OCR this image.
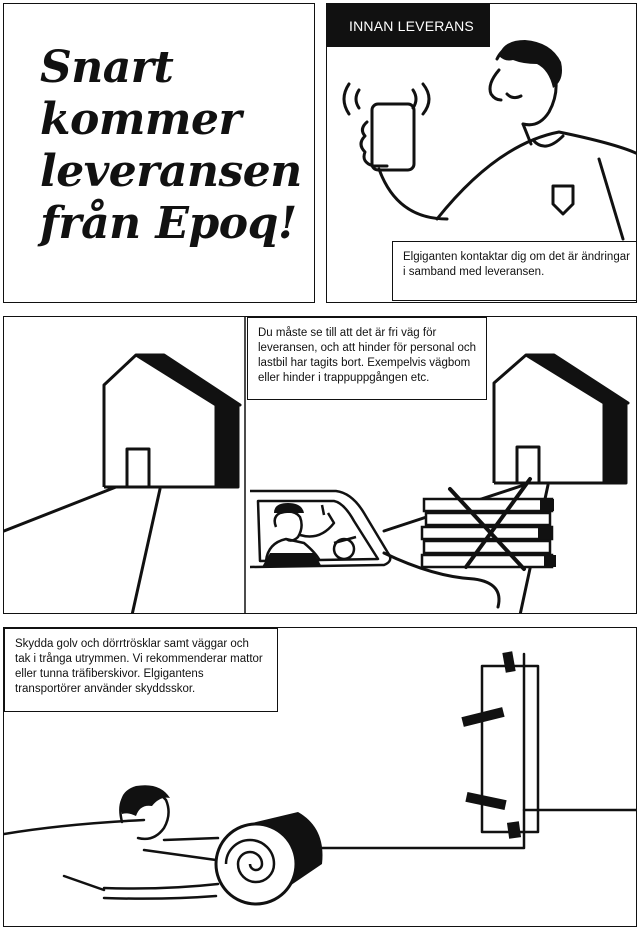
Snart
kommer
leveransen
från Epoq!
INNAN LEVERANS
Elgiganten kontaktar dig om det är ändringar i samband med leveransen.
Du måste se till att det är fri väg för leveransen, och att hinder för personal och lastbil har tagits bort. Exempelvis vägbom eller hinder i trappuppgången etc.
Skydda golv och dörrtrösklar samt väggar och tak i trånga utrymmen. Vi rekommenderar mattor eller tunna träfiberskivor. Elgigantens transportörer använder skyddsskor.
